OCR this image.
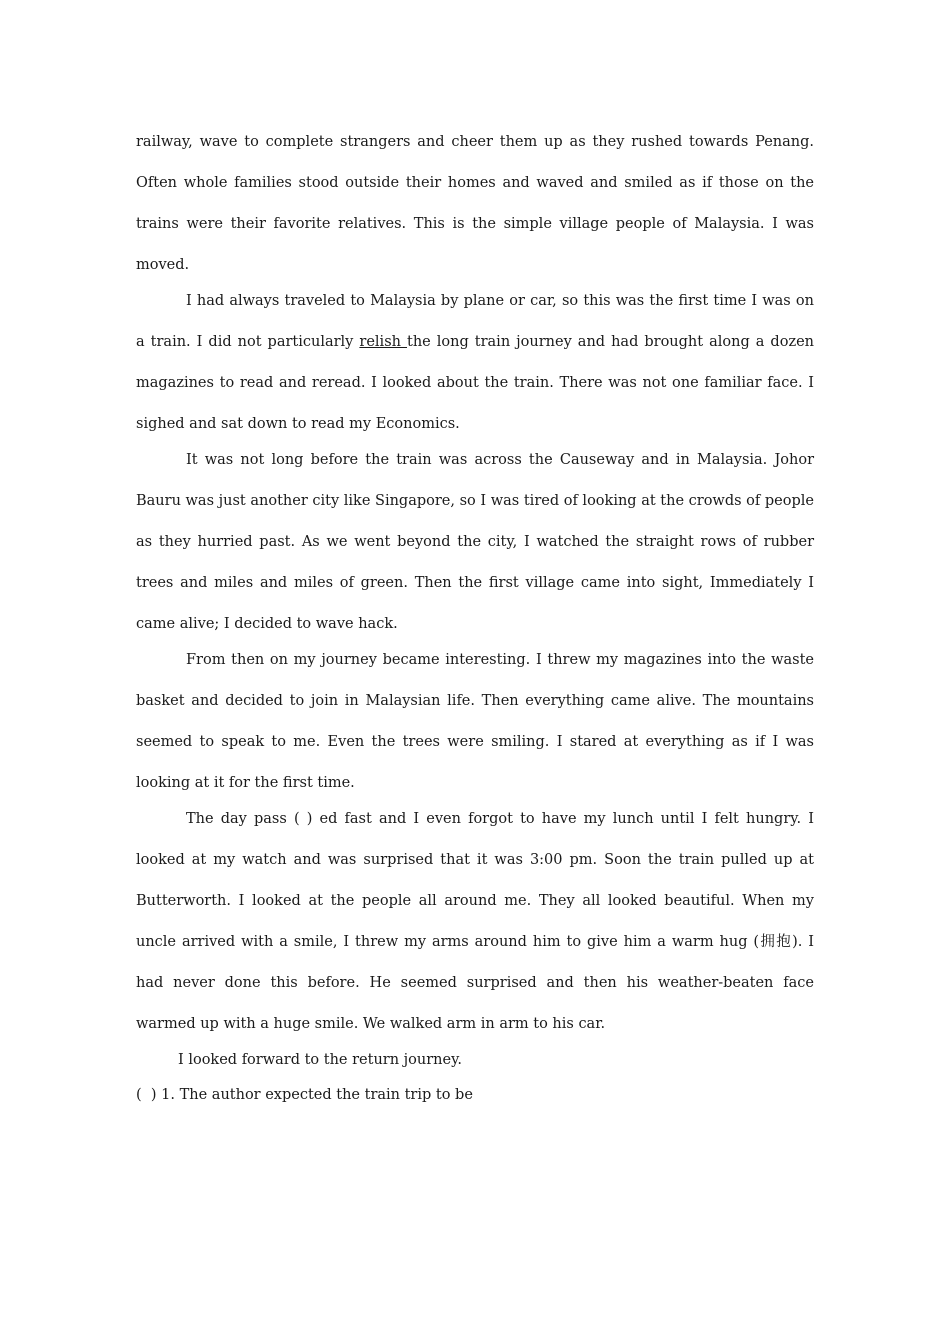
railway, wave to complete strangers and cheer them up as they rushed towards Penang. Often whole families stood outside their homes and waved and smiled as if those on the trains were their favorite relatives. This is the simple village people of Malaysia. I was moved.

I had always traveled to Malaysia by plane or car, so this was the first time I was on a train. I did not particularly relish the long train journey and had brought along a dozen magazines to read and reread. I looked about the train. There was not one familiar face. I sighed and sat down to read my Economics.

It was not long before the train was across the Causeway and in Malaysia. Johor Bauru was just another city like Singapore, so I was tired of looking at the crowds of people as they hurried past. As we went beyond the city, I watched the straight rows of rubber trees and miles and miles of green. Then the first village came into sight, Immediately I came alive; I decided to wave hack.

From then on my journey became interesting. I threw my magazines into the waste basket and decided to join in Malaysian life. Then everything came alive. The mountains seemed to speak to me. Even the trees were smiling. I stared at everything as if I was looking at it for the first time.

The day pass ( ) ed fast and I even forgot to have my lunch until I felt hungry. I looked at my watch and was surprised that it was 3:00 pm. Soon the train pulled up at Butterworth. I looked at the people all around me. They all looked beautiful. When my uncle arrived with a smile, I threw my arms around him to give him a warm hug (拥抱). I had never done this before. He seemed surprised and then his weather-beaten face warmed up with a huge smile. We walked arm in arm to his car.

I looked forward to the return journey.

(  ) 1. The author expected the train trip to be
